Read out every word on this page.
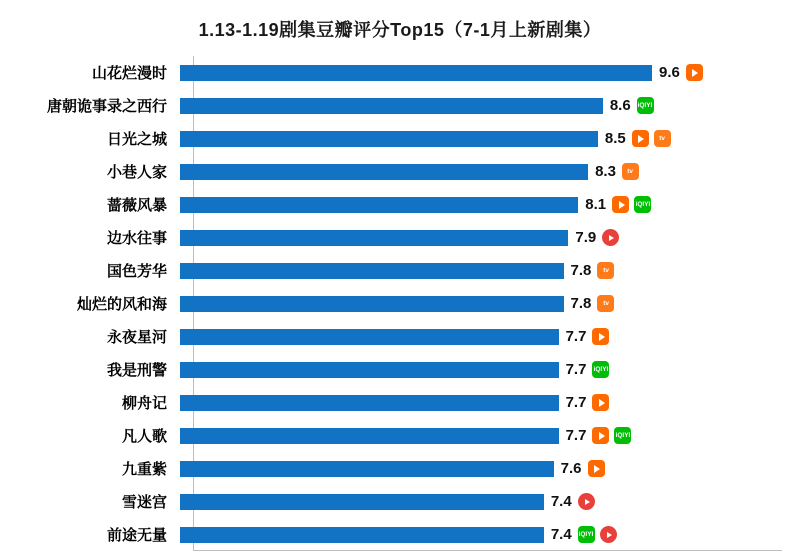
1.13-1.19剧集豆瓣评分Top15（7-1月上新剧集）
山花烂漫时	9.6
唐朝诡事录之西行	8.6 iQIYI
日光之城	8.5	tv
小巷人家	8.3 tv
蔷薇风暴	8.1	iQIYI
边水往事	7.9
国色芳华	7.8 tv
灿烂的风和海	7.8 tv
永夜星河	7.7
我是刑警	7.7 iQIYI
柳舟记	7.7
凡人歌	7.7	iQIYI
九重紫	7.6
雪迷宫	7.4
前途无量	7.4 iQIYI
